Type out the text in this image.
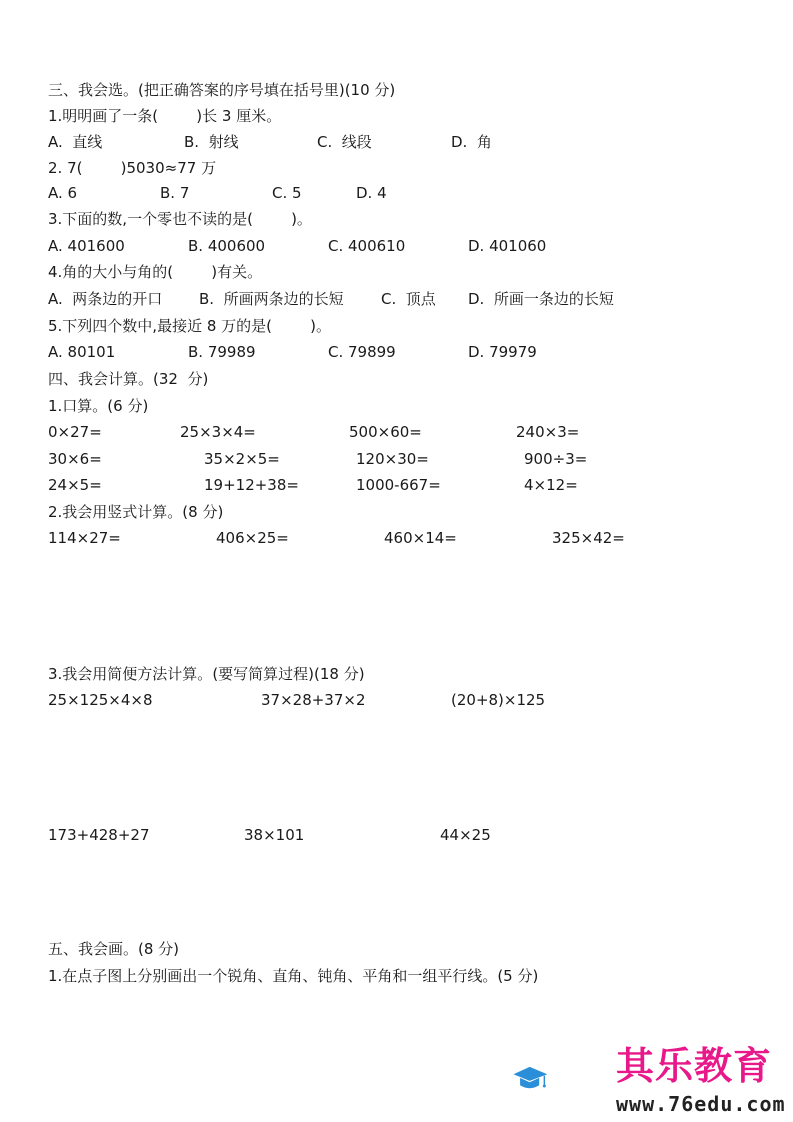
三、我会选。(把正确答案的序号填在括号里)(10 分)
1.明明画了一条(        )长 3 厘米。
A.  直线	B.  射线	C.  线段	D.  角
2. 7(        )5030≈77 万
A. 6	B. 7	C. 5	D. 4
3.下面的数,一个零也不读的是(        )。
A. 401600	B. 400600	C. 400610	D. 401060
4.角的大小与角的(        )有关。
A.  两条边的开口 B.  所画两条边的长短 C.  顶点 D.  所画一条边的长短
5.下列四个数中,最接近 8 万的是(        )。
A. 80101	B. 79989	C. 79899	D. 79979
四、我会计算。(32  分)
1.口算。(6 分)
0×27=	25×3×4=	500×60=	240×3=
30×6=	35×2×5=	120×30=	900÷3=
24×5=	19+12+38=	1000-667=	4×12=
2.我会用竖式计算。(8 分)
114×27=	406×25=	460×14=	325×42=
3.我会用简便方法计算。(要写简算过程)(18 分)
25×125×4×8	37×28+37×2	(20+8)×125
173+428+27	38×101	44×25
五、我会画。(8 分)
1.在点子图上分别画出一个锐角、直角、钝角、平角和一组平行线。(5 分)
其乐教育
www.76edu.com
